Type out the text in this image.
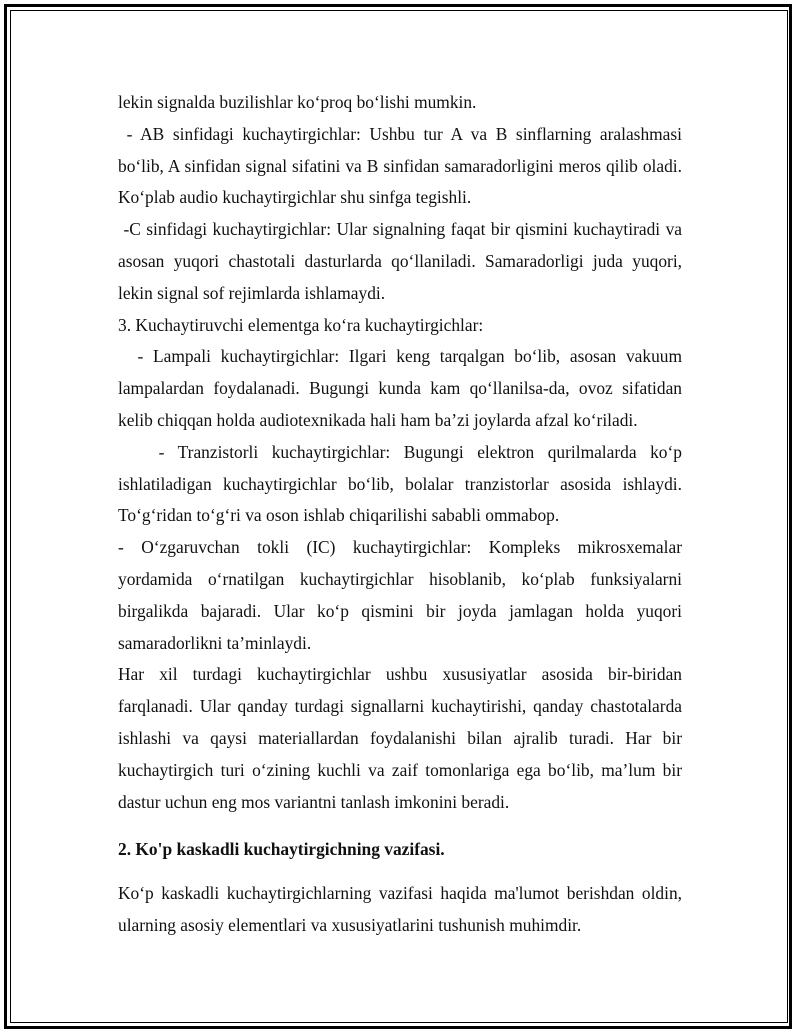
lekin signalda buzilishlar ko‘proq bo‘lishi mumkin.

- AB sinfidagi kuchaytirgichlar: Ushbu tur A va B sinflarning aralashmasi bo‘lib, A sinfidan signal sifatini va B sinfidan samaradorligini meros qilib oladi. Ko‘plab audio kuchaytirgichlar shu sinfga tegishli.

-C sinfidagi kuchaytirgichlar: Ular signalning faqat bir qismini kuchaytiradi va asosan yuqori chastotali dasturlarda qo‘llaniladi. Samaradorligi juda yuqori, lekin signal sof rejimlarda ishlamaydi.

3. Kuchaytiruvchi elementga ko‘ra kuchaytirgichlar:

- Lampali kuchaytirgichlar: Ilgari keng tarqalgan bo‘lib, asosan vakuum lampalardan foydalanadi. Bugungi kunda kam qo‘llanilsa-da, ovoz sifatidan kelib chiqqan holda audiotexnikada hali ham ba’zi joylarda afzal ko‘riladi.

- Tranzistorli kuchaytirgichlar: Bugungi elektron qurilmalarda ko‘p ishlatiladigan kuchaytirgichlar bo‘lib, bolalar tranzistorlar asosida ishlaydi. To‘g‘ridan to‘g‘ri va oson ishlab chiqarilishi sababli ommabop.

- O‘zgaruvchan tokli (IC) kuchaytirgichlar: Kompleks mikrosxemalar yordamida o‘rnatilgan kuchaytirgichlar hisoblanib, ko‘plab funksiyalarni birgalikda bajaradi. Ular ko‘p qismini bir joyda jamlagan holda yuqori samaradorlikni ta’minlaydi.

Har xil turdagi kuchaytirgichlar ushbu xususiyatlar asosida bir-biridan farqlanadi. Ular qanday turdagi signallarni kuchaytirishi, qanday chastotalarda ishlashi va qaysi materiallardan foydalanishi bilan ajralib turadi. Har bir kuchaytirgich turi o‘zining kuchli va zaif tomonlariga ega bo‘lib, ma’lum bir dastur uchun eng mos variantni tanlash imkonini beradi.

2. Ko'p kaskadli kuchaytirgichning vazifasi.

Ko‘p kaskadli kuchaytirgichlarning vazifasi haqida ma'lumot berishdan oldin, ularning asosiy elementlari va xususiyatlarini tushunish muhimdir.
